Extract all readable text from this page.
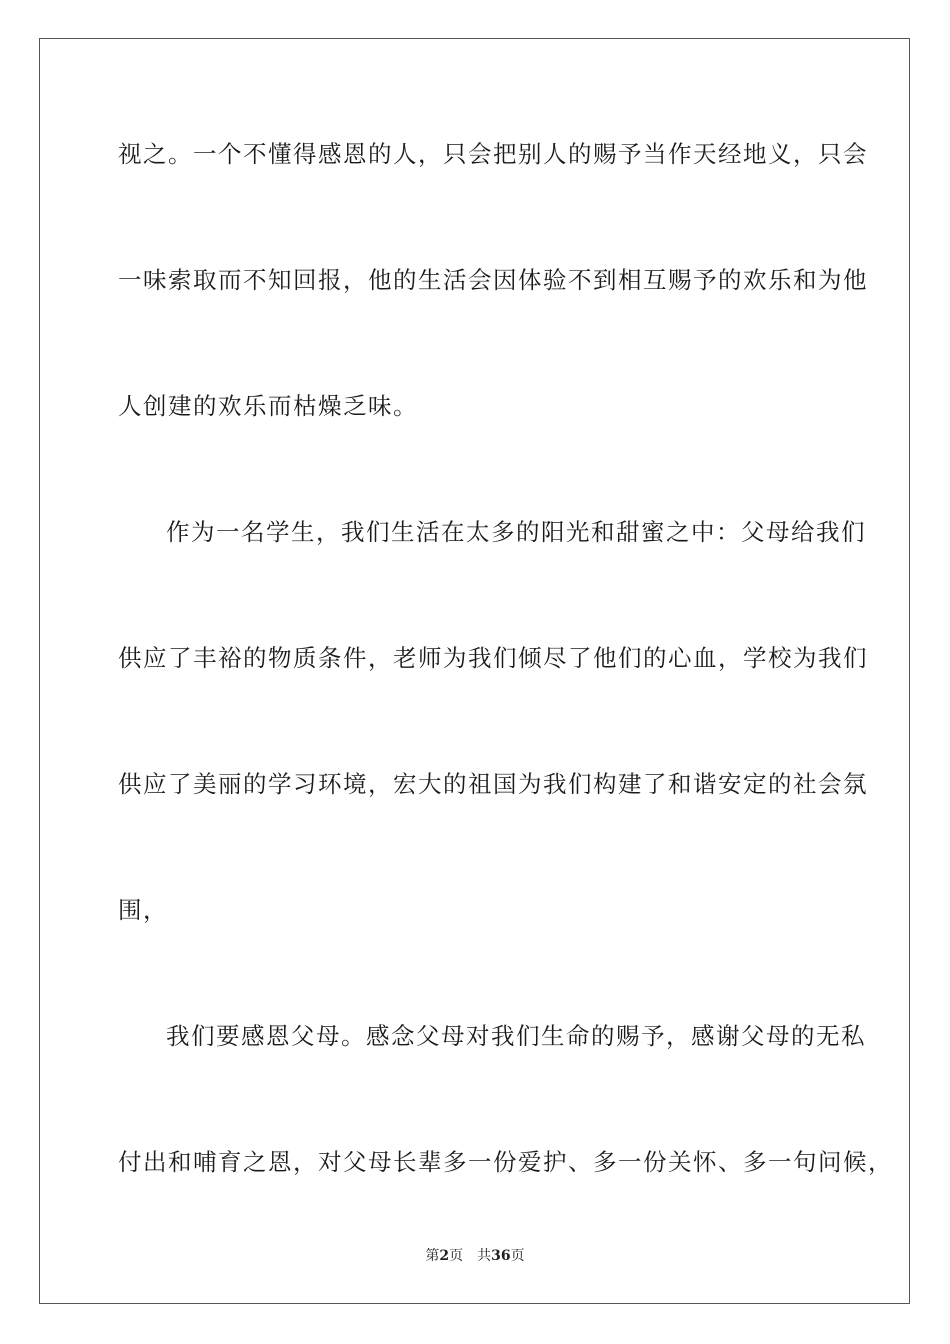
视之。一个不懂得感恩的人，只会把别人的赐予当作天经地义，只会
一味索取而不知回报，他的生活会因体验不到相互赐予的欢乐和为他
人创建的欢乐而枯燥乏味。
作为一名学生，我们生活在太多的阳光和甜蜜之中：父母给我们
供应了丰裕的物质条件，老师为我们倾尽了他们的心血，学校为我们
供应了美丽的学习环境，宏大的祖国为我们构建了和谐安定的社会氛
围，
我们要感恩父母。感念父母对我们生命的赐予，感谢父母的无私
付出和哺育之恩，对父母长辈多一份爱护、多一份关怀、多一句问候，
第2页 共36页
